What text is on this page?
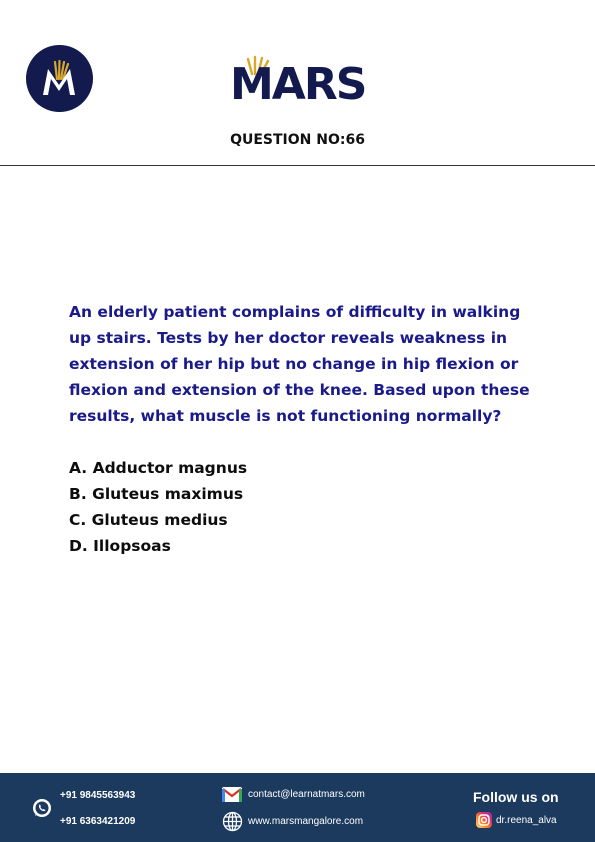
MARS
QUESTION NO:66
An elderly patient complains of difficulty in walking up stairs. Tests by her doctor reveals weakness in extension of her hip but no change in hip flexion or flexion and extension of the knee. Based upon these results, what muscle is not functioning normally?
A. Adductor magnus
B. Gluteus maximus
C. Gluteus medius
D. Illopsoas
+91 9845563943
+91 6363421209
contact@learnatmars.com
www.marsmangalore.com
Follow us on
dr.reena_alva
